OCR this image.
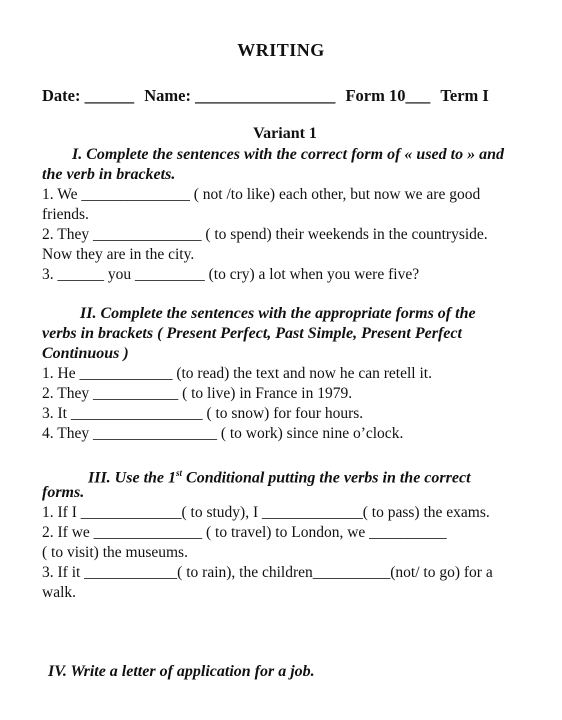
WRITING
Date: ______ Name: _________________ Form 10___ Term I
Variant 1
I. Complete the sentences with the correct form of « used to » and
the verb in brackets.
1. We ______________ ( not /to like) each other, but now we are good
friends.
2. They ______________ ( to spend) their weekends in the countryside.
Now they are in the city.
3. ______ you _________ (to cry) a lot when you were five?
II. Complete the sentences with the appropriate forms of the
verbs in brackets ( Present Perfect, Past Simple, Present Perfect
Continuous )
1. He ____________ (to read) the text and now he can retell it.
2. They ___________ ( to live) in France in 1979.
3. It _________________ ( to snow) for four hours.
4. They ________________ ( to work) since nine o’clock.
III. Use the 1st Conditional putting the verbs in the correct
forms.
1. If I _____________( to study), I _____________( to pass) the exams.
2. If we ______________ ( to travel) to London, we __________
( to visit) the museums.
3. If it ____________( to rain), the children__________(not/ to go) for a
walk.
IV. Write a letter of application for a job.
